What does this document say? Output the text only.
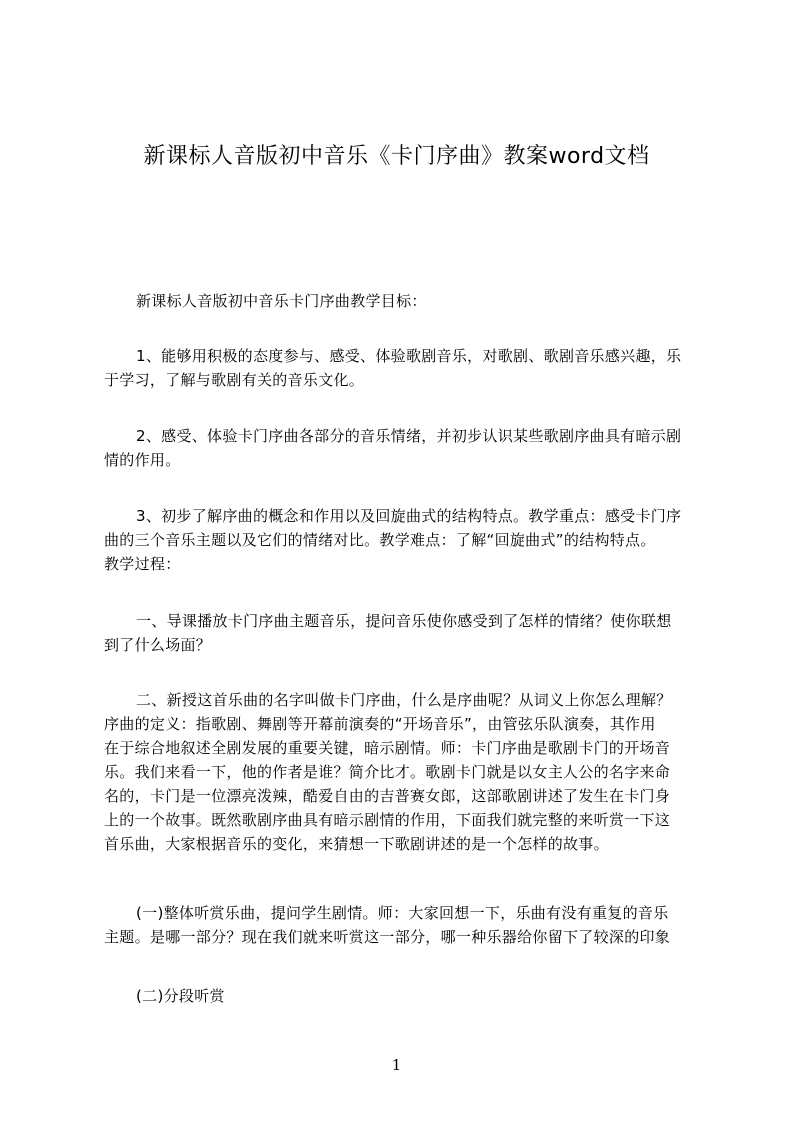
新课标人音版初中音乐《卡门序曲》教案word文档

新课标人音版初中音乐卡门序曲教学目标：

1、能够用积极的态度参与、感受、体验歌剧音乐，对歌剧、歌剧音乐感兴趣，乐
于学习，了解与歌剧有关的音乐文化。

2、感受、体验卡门序曲各部分的音乐情绪，并初步认识某些歌剧序曲具有暗示剧
情的作用。

3、初步了解序曲的概念和作用以及回旋曲式的结构特点。教学重点：感受卡门序
曲的三个音乐主题以及它们的情绪对比。教学难点：了解“回旋曲式”的结构特点。
教学过程：

一、导课播放卡门序曲主题音乐，提问音乐使你感受到了怎样的情绪？使你联想
到了什么场面？

二、新授这首乐曲的名字叫做卡门序曲，什么是序曲呢？从词义上你怎么理解？
序曲的定义：指歌剧、舞剧等开幕前演奏的“开场音乐”，由管弦乐队演奏，其作用
在于综合地叙述全剧发展的重要关键，暗示剧情。师：卡门序曲是歌剧卡门的开场音
乐。我们来看一下，他的作者是谁？简介比才。歌剧卡门就是以女主人公的名字来命
名的，卡门是一位漂亮泼辣，酷爱自由的吉普赛女郎，这部歌剧讲述了发生在卡门身
上的一个故事。既然歌剧序曲具有暗示剧情的作用，下面我们就完整的来听赏一下这
首乐曲，大家根据音乐的变化，来猜想一下歌剧讲述的是一个怎样的故事。

(一)整体听赏乐曲，提问学生剧情。师：大家回想一下，乐曲有没有重复的音乐
主题。是哪一部分？现在我们就来听赏这一部分，哪一种乐器给你留下了较深的印象

(二)分段听赏

1
